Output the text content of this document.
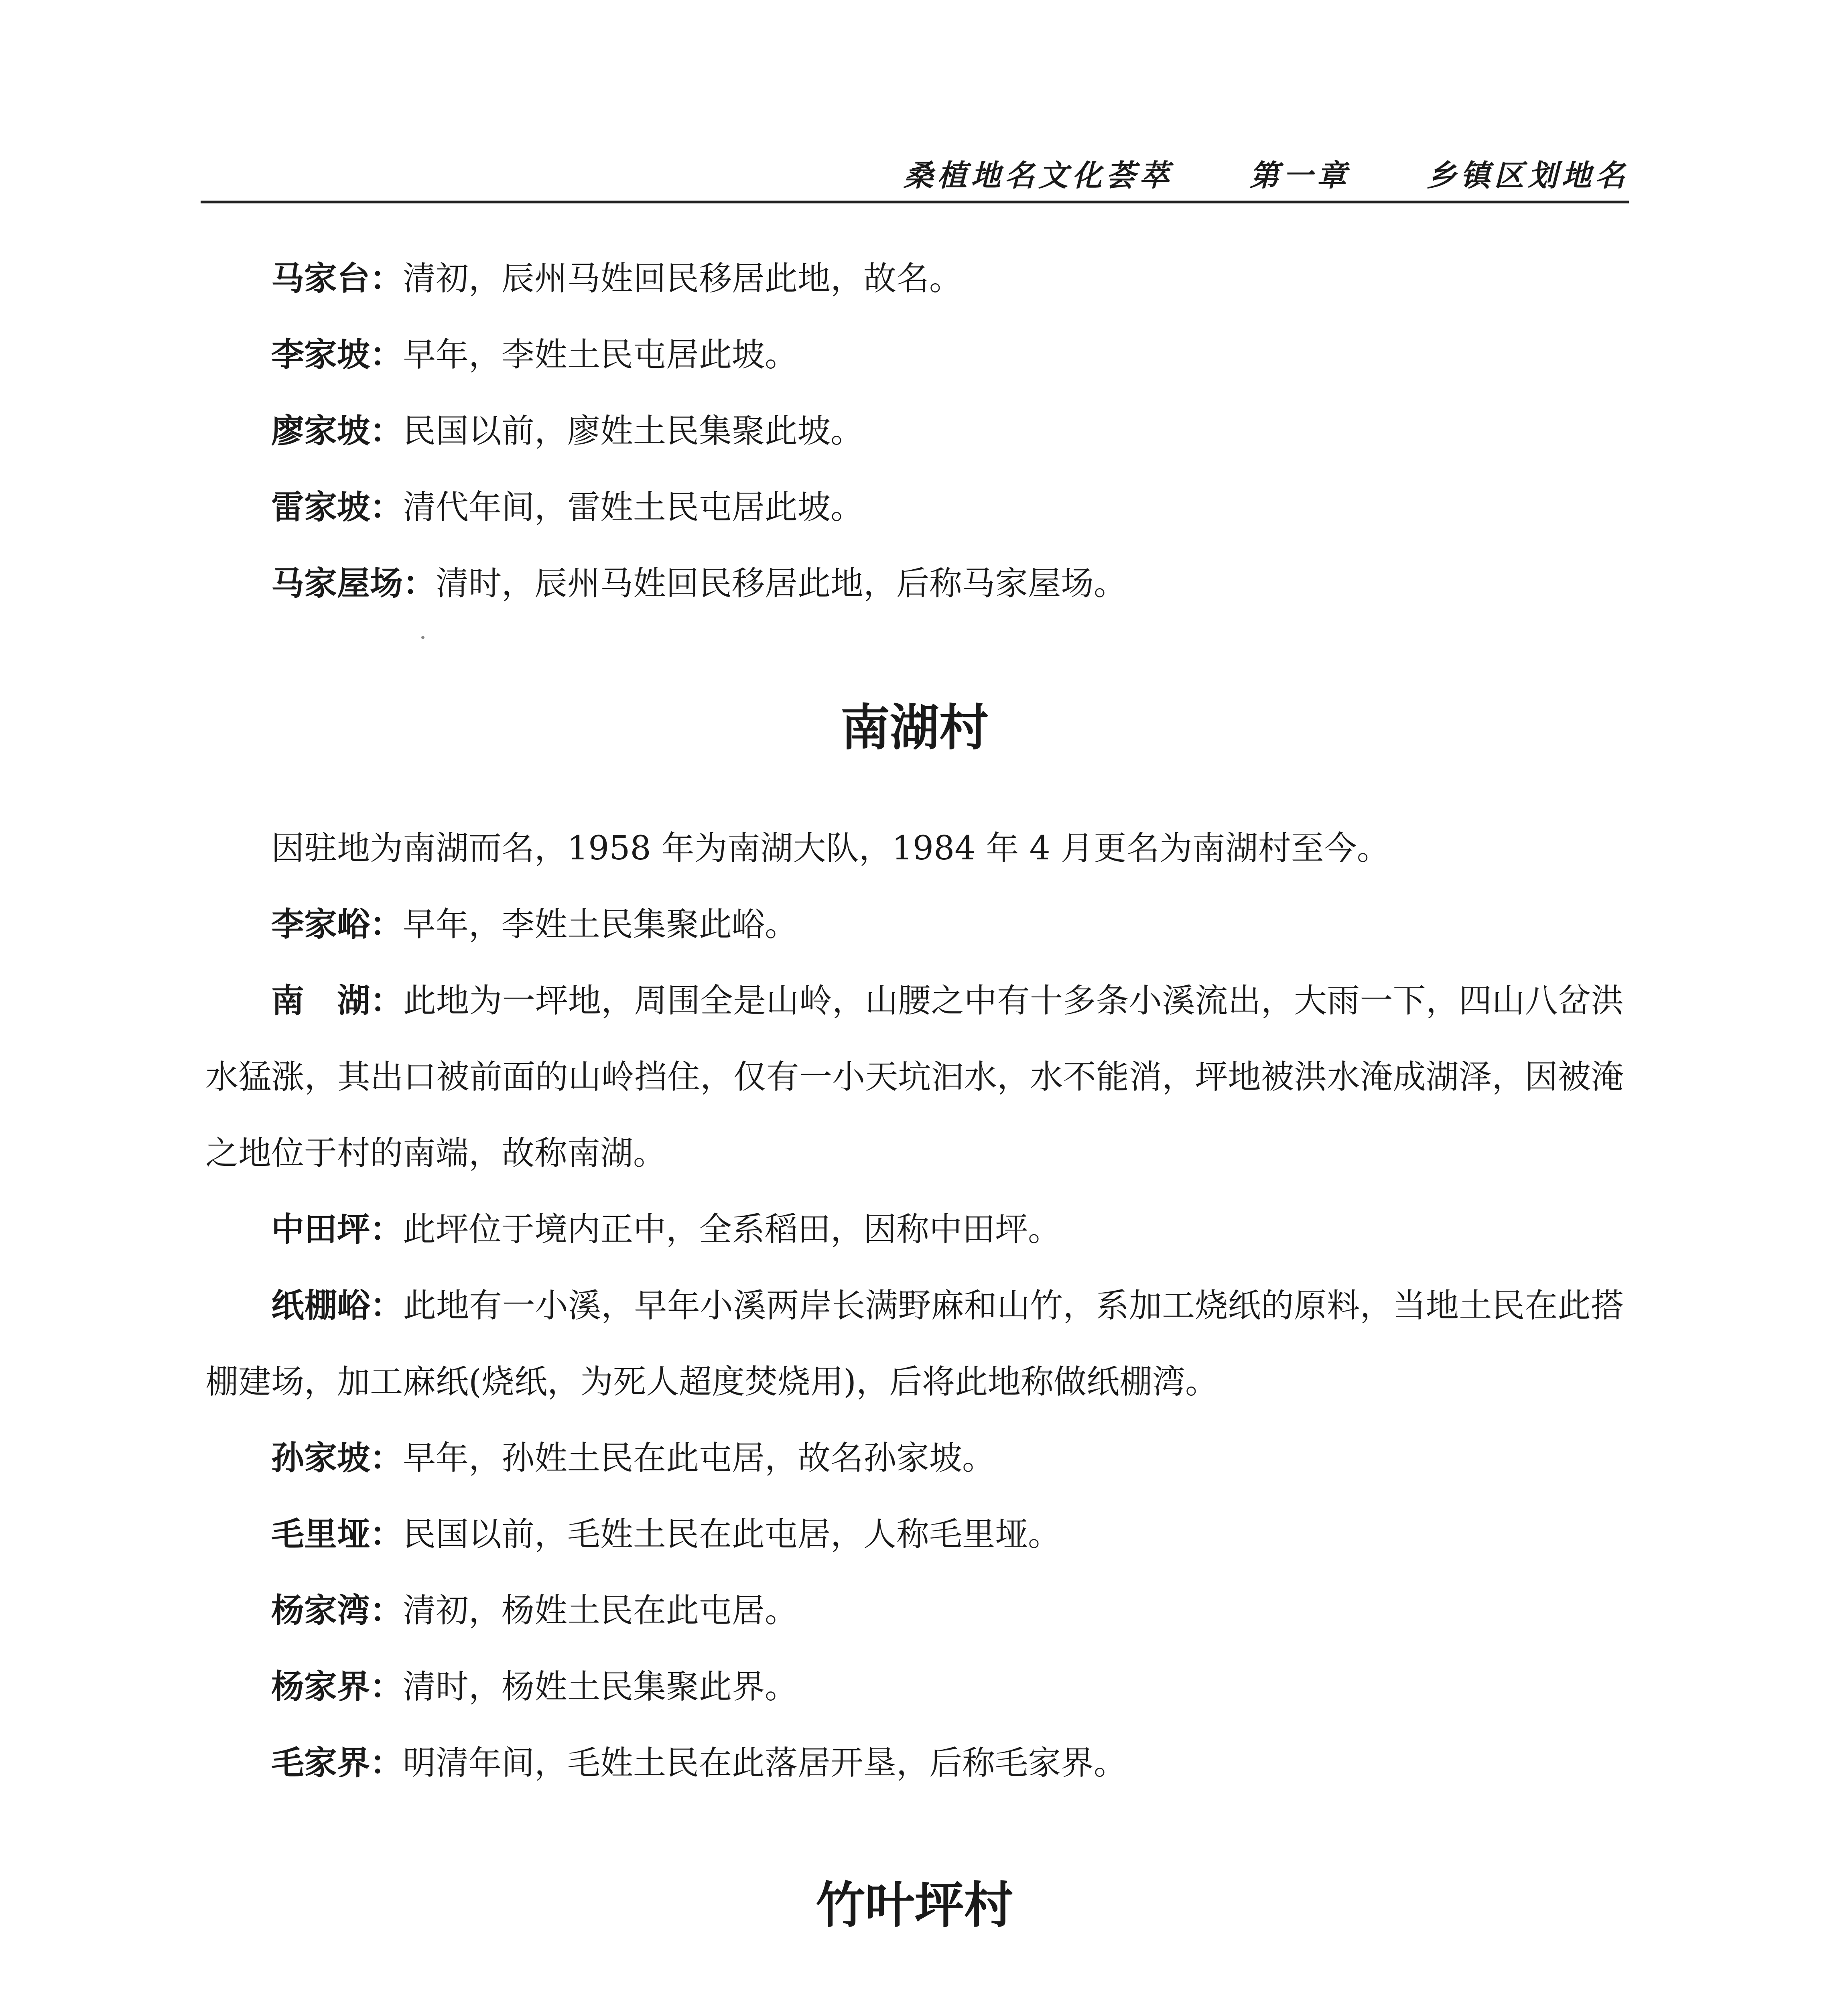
桑植地名文化荟萃	第一章	乡镇区划地名

马家台：清初，辰州马姓回民移居此地，故名。

李家坡：早年，李姓土民屯居此坡。

廖家坡：民国以前，廖姓土民集聚此坡。

雷家坡：清代年间，雷姓土民屯居此坡。

马家屋场：清时，辰州马姓回民移居此地，后称马家屋场。

南湖村

因驻地为南湖而名，1958 年为南湖大队，1984 年 4 月更名为南湖村至今。

李家峪：早年，李姓土民集聚此峪。

南　湖：此地为一坪地，周围全是山岭，山腰之中有十多条小溪流出，大雨一下，四山八岔洪水猛涨，其出口被前面的山岭挡住，仅有一小天坑汩水，水不能消，坪地被洪水淹成湖泽，因被淹之地位于村的南端，故称南湖。

中田坪：此坪位于境内正中，全系稻田，因称中田坪。

纸棚峪：此地有一小溪，早年小溪两岸长满野麻和山竹，系加工烧纸的原料，当地土民在此搭棚建场，加工麻纸(烧纸，为死人超度焚烧用)，后将此地称做纸棚湾。

孙家坡：早年，孙姓土民在此屯居，故名孙家坡。

毛里垭：民国以前，毛姓土民在此屯居，人称毛里垭。

杨家湾：清初，杨姓土民在此屯居。

杨家界：清时，杨姓土民集聚此界。

毛家界：明清年间，毛姓土民在此落居开垦，后称毛家界。

竹叶坪村
